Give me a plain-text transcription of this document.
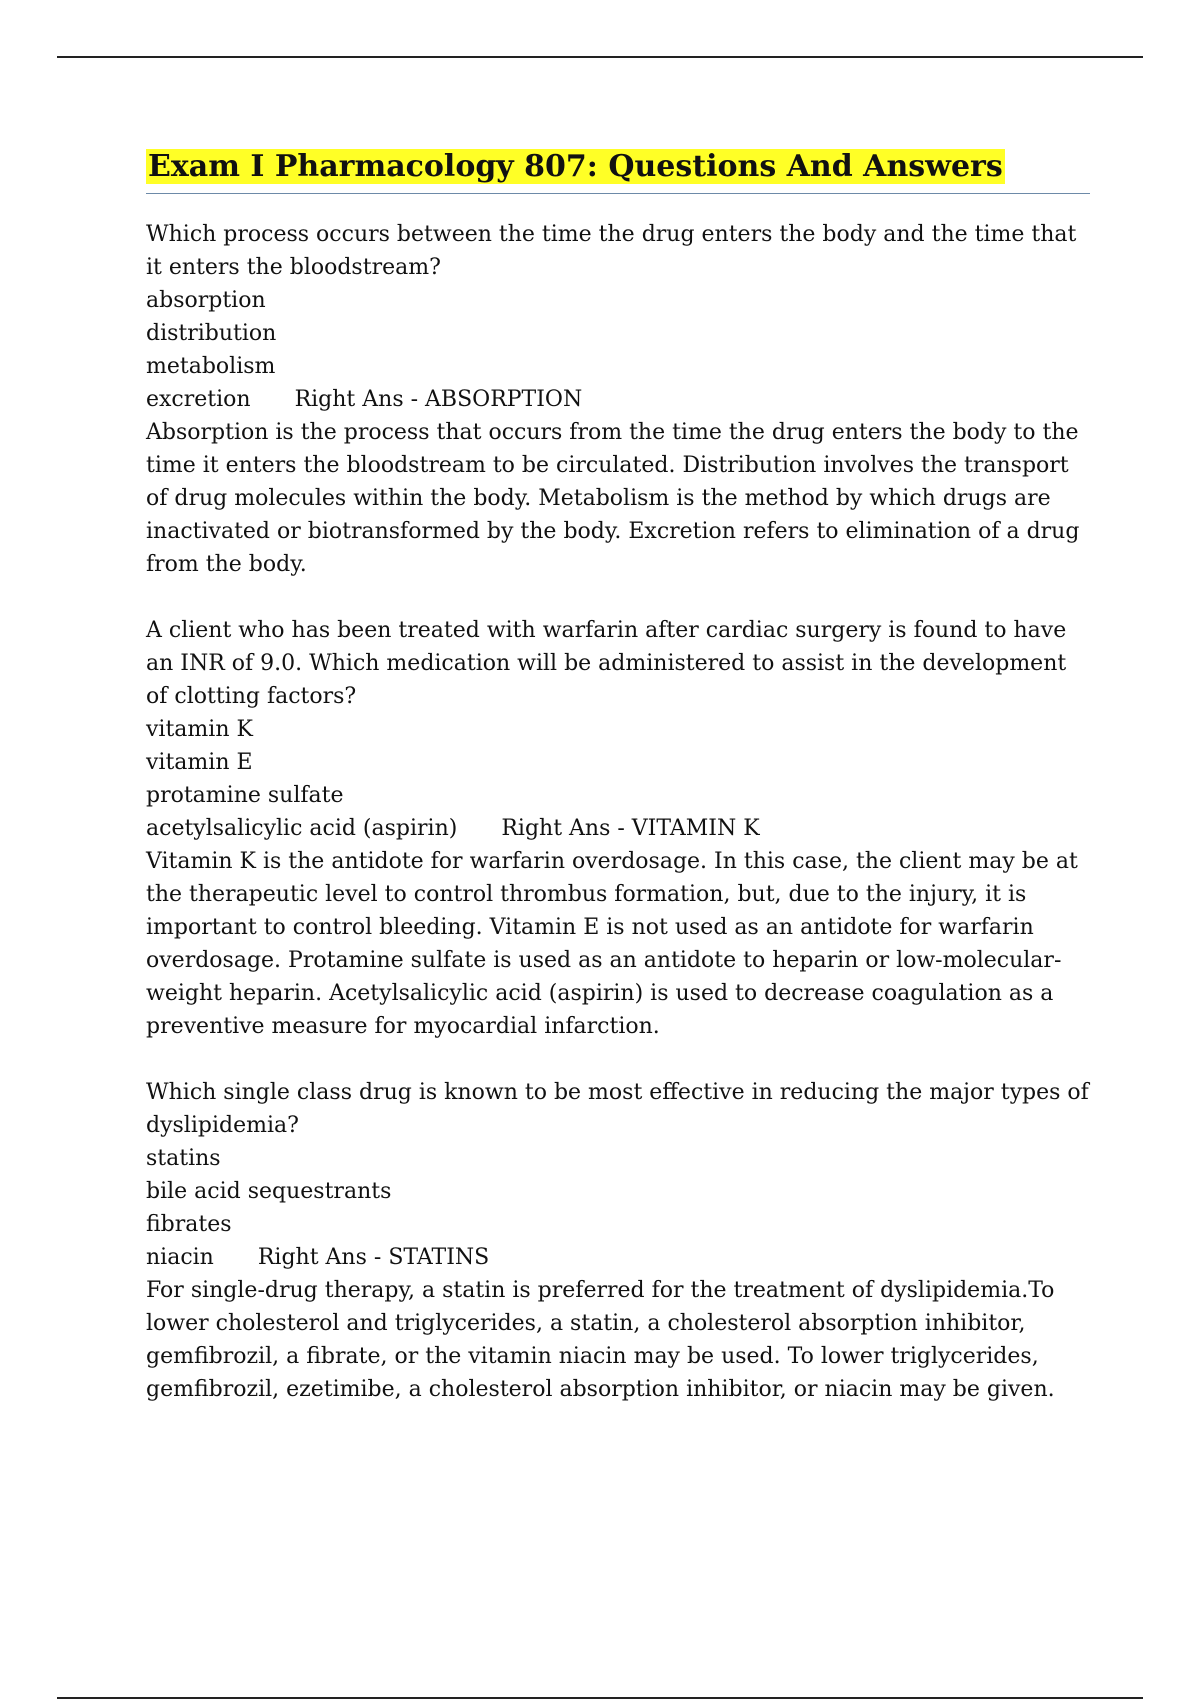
Exam I Pharmacology 807: Questions And Answers
Which process occurs between the time the drug enters the body and the time that it enters the bloodstream?
absorption
distribution
metabolism
excretion Right Ans - ABSORPTION
Absorption is the process that occurs from the time the drug enters the body to the time it enters the bloodstream to be circulated. Distribution involves the transport of drug molecules within the body. Metabolism is the method by which drugs are inactivated or biotransformed by the body. Excretion refers to elimination of a drug from the body.
A client who has been treated with warfarin after cardiac surgery is found to have an INR of 9.0. Which medication will be administered to assist in the development of clotting factors?
vitamin K
vitamin E
protamine sulfate
acetylsalicylic acid (aspirin) Right Ans - VITAMIN K
Vitamin K is the antidote for warfarin overdosage. In this case, the client may be at the therapeutic level to control thrombus formation, but, due to the injury, it is important to control bleeding. Vitamin E is not used as an antidote for warfarin overdosage. Protamine sulfate is used as an antidote to heparin or low-molecular-weight heparin. Acetylsalicylic acid (aspirin) is used to decrease coagulation as a preventive measure for myocardial infarction.
Which single class drug is known to be most effective in reducing the major types of dyslipidemia?
statins
bile acid sequestrants
fibrates
niacin Right Ans - STATINS
For single-drug therapy, a statin is preferred for the treatment of dyslipidemia.To lower cholesterol and triglycerides, a statin, a cholesterol absorption inhibitor, gemfibrozil, a fibrate, or the vitamin niacin may be used. To lower triglycerides, gemfibrozil, ezetimibe, a cholesterol absorption inhibitor, or niacin may be given.
